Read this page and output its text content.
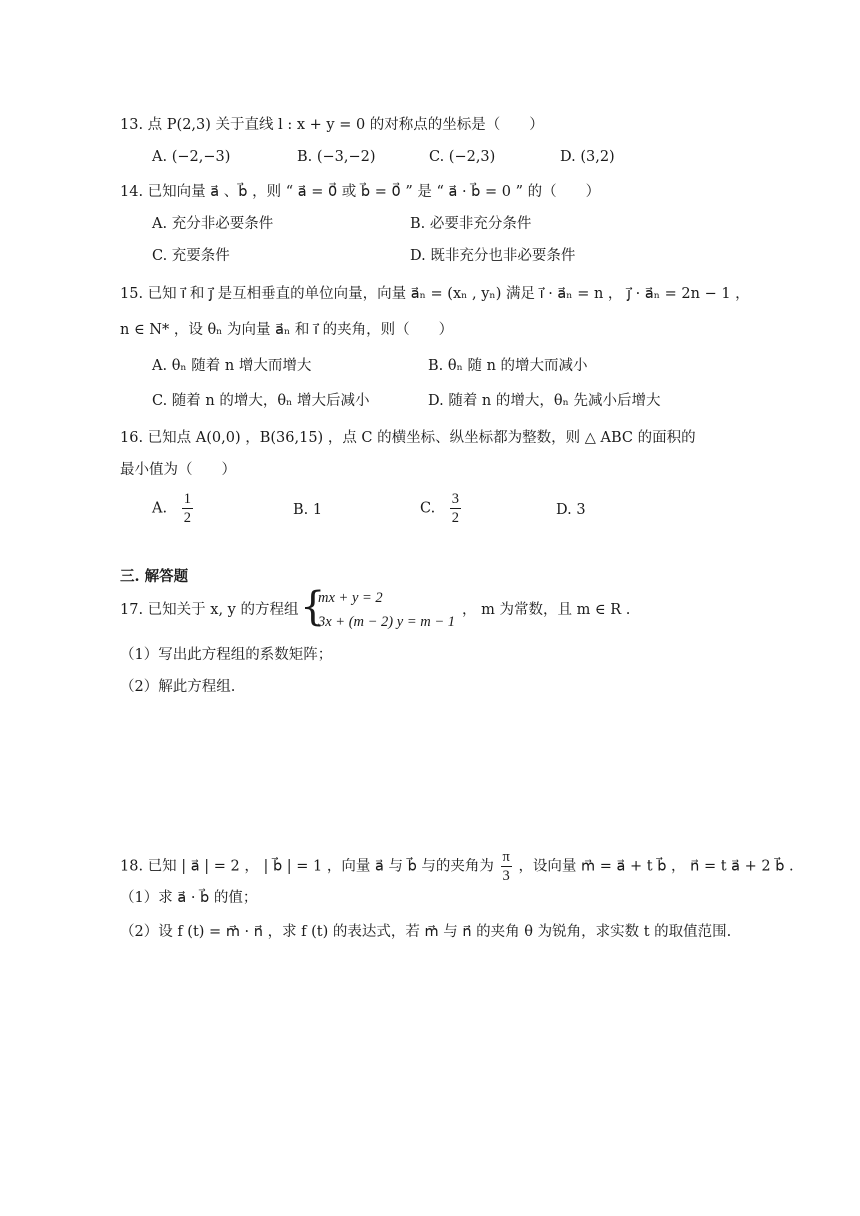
13. 点 P(2,3) 关于直线 l : x + y = 0 的对称点的坐标是（　　）
A. (−2,−3)	B. (−3,−2)	C. (−2,3)	D. (3,2)
14. 已知向量 a⃗ 、b⃗ ，则 “ a⃗ = 0⃗ 或 b⃗ = 0⃗ ” 是 “ a⃗ · b⃗ = 0 ” 的（　　）
A. 充分非必要条件	B. 必要非充分条件
C. 充要条件	D. 既非充分也非必要条件
15. 已知 i⃗ 和 j⃗ 是互相垂直的单位向量，向量 a⃗ₙ = (xₙ , yₙ) 满足 i⃗ · a⃗ₙ = n ， j⃗ · a⃗ₙ = 2n − 1 ，
n ∈ N* ，设 θₙ 为向量 a⃗ₙ 和 i⃗ 的夹角，则（　　）
A. θₙ 随着 n 增大而增大	B. θₙ 随 n 的增大而减小
C. 随着 n 的增大，θₙ 增大后减小	D. 随着 n 的增大，θₙ 先减小后增大
16. 已知点 A(0,0) ，B(36,15) ，点 C 的横坐标、纵坐标都为整数，则 △ ABC 的面积的
最小值为（　　）
A. $\frac{1}{2}$	B. 1	C. $\frac{3}{2}$	D. 3
三. 解答题
17. 已知关于 x, y 的方程组 {
mx + y = 2
3x + (m − 2) y = m − 1
， m 为常数，且 m ∈ R .
（1）写出此方程组的系数矩阵；
（2）解此方程组.
18. 已知 | a⃗ | = 2 ， | b⃗ | = 1 ，向量 a⃗ 与 b⃗ 与的夹角为 $\frac{\pi}{3}$ ，设向量 m⃗ = a⃗ + t b⃗ ， n⃗ = t a⃗ + 2 b⃗ .
（1）求 a⃗ · b⃗ 的值；
（2）设 f (t) = m⃗ · n⃗ ，求 f (t) 的表达式，若 m⃗ 与 n⃗ 的夹角 θ 为锐角，求实数 t 的取值范围.
